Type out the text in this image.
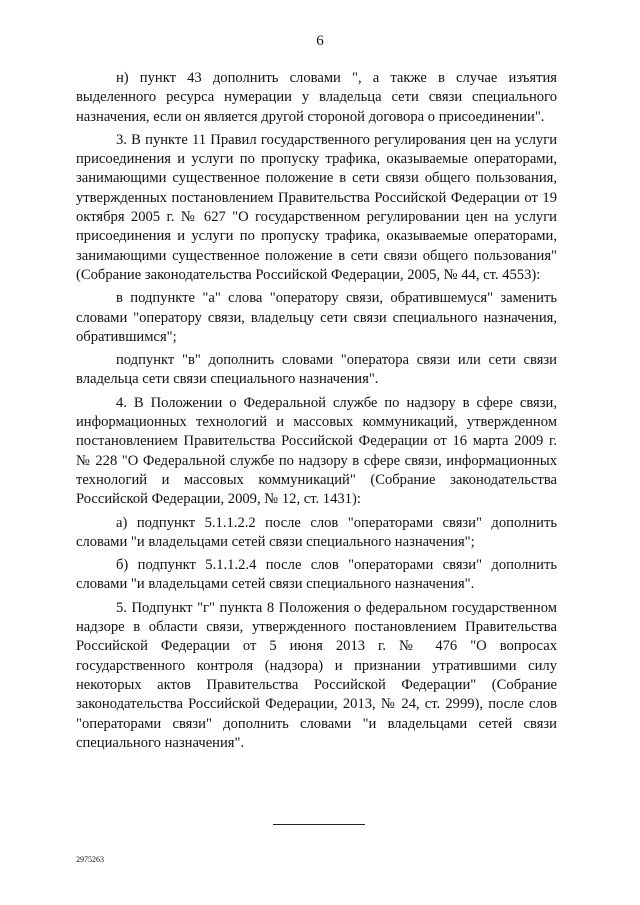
6

н) пункт 43 дополнить словами ", а также в случае изъятия выделенного ресурса нумерации у владельца сети связи специального назначения, если он является другой стороной договора о присоединении".

3. В пункте 11 Правил государственного регулирования цен на услуги присоединения и услуги по пропуску трафика, оказываемые операторами, занимающими существенное положение в сети связи общего пользования, утвержденных постановлением Правительства Российской Федерации от 19 октября 2005 г. № 627 "О государственном регулировании цен на услуги присоединения и услуги по пропуску трафика, оказываемые операторами, занимающими существенное положение в сети связи общего пользования" (Собрание законодательства Российской Федерации, 2005, № 44, ст. 4553):

в подпункте "а" слова "оператору связи, обратившемуся" заменить словами "оператору связи, владельцу сети связи специального назначения, обратившимся";

подпункт "в" дополнить словами "оператора связи или сети связи владельца сети связи специального назначения".

4. В Положении о Федеральной службе по надзору в сфере связи, информационных технологий и массовых коммуникаций, утвержденном постановлением Правительства Российской Федерации от 16 марта 2009 г. № 228 "О Федеральной службе по надзору в сфере связи, информационных технологий и массовых коммуникаций" (Собрание законодательства Российской Федерации, 2009, № 12, ст. 1431):

а) подпункт 5.1.1.2.2 после слов "операторами связи" дополнить словами "и владельцами сетей связи специального назначения";

б) подпункт 5.1.1.2.4 после слов "операторами связи" дополнить словами "и владельцами сетей связи специального назначения".

5. Подпункт "г" пункта 8 Положения о федеральном государственном надзоре в области связи, утвержденного постановлением Правительства Российской Федерации от 5 июня 2013 г. № 476 "О вопросах государственного контроля (надзора) и признании утратившими силу некоторых актов Правительства Российской Федерации" (Собрание законодательства Российской Федерации, 2013, № 24, ст. 2999), после слов "операторами связи" дополнить словами "и владельцами сетей связи специального назначения".

2975263
